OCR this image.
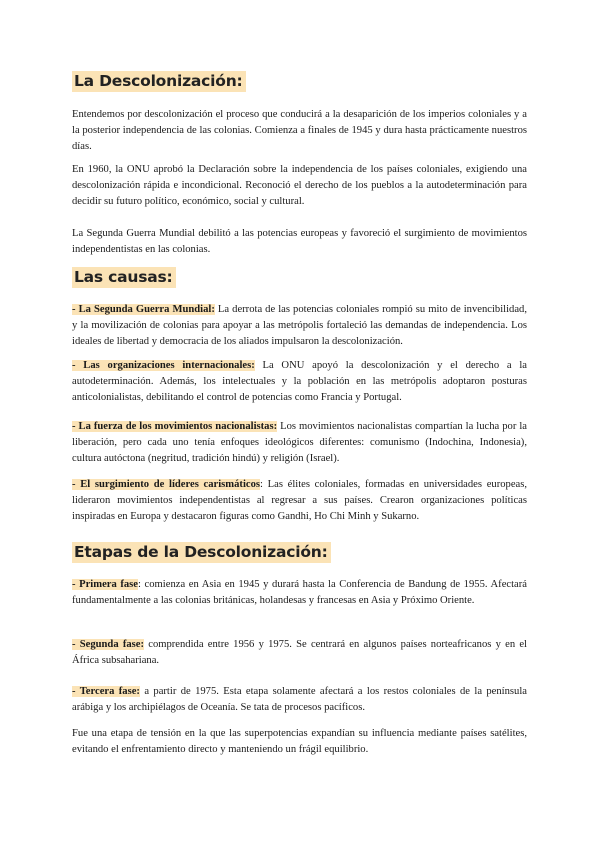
La Descolonización:

Entendemos por descolonización el proceso que conducirá a la desaparición de los imperios coloniales y a la posterior independencia de las colonias. Comienza a finales de 1945 y dura hasta prácticamente nuestros días.

En 1960, la ONU aprobó la Declaración sobre la independencia de los países coloniales, exigiendo una descolonización rápida e incondicional. Reconoció el derecho de los pueblos a la autodeterminación para decidir su futuro político, económico, social y cultural.

La Segunda Guerra Mundial debilitó a las potencias europeas y favoreció el surgimiento de movimientos independentistas en las colonias.

Las causas:

- La Segunda Guerra Mundial: La derrota de las potencias coloniales rompió su mito de invencibilidad, y la movilización de colonias para apoyar a las metrópolis fortaleció las demandas de independencia. Los ideales de libertad y democracia de los aliados impulsaron la descolonización.

- Las organizaciones internacionales: La ONU apoyó la descolonización y el derecho a la autodeterminación. Además, los intelectuales y la población en las metrópolis adoptaron posturas anticolonialistas, debilitando el control de potencias como Francia y Portugal.

- La fuerza de los movimientos nacionalistas: Los movimientos nacionalistas compartían la lucha por la liberación, pero cada uno tenía enfoques ideológicos diferentes: comunismo (Indochina, Indonesia), cultura autóctona (negritud, tradición hindú) y religión (Israel).

- El surgimiento de líderes carismáticos: Las élites coloniales, formadas en universidades europeas, lideraron movimientos independentistas al regresar a sus países. Crearon organizaciones políticas inspiradas en Europa y destacaron figuras como Gandhi, Ho Chi Minh y Sukarno.

Etapas de la Descolonización:

- Primera fase: comienza en Asia en 1945 y durará hasta la Conferencia de Bandung de 1955. Afectará fundamentalmente a las colonias británicas, holandesas y francesas en Asia y Próximo Oriente.

- Segunda fase: comprendida entre 1956 y 1975. Se centrará en algunos países norteafricanos y en el África subsahariana.

- Tercera fase: a partir de 1975. Esta etapa solamente afectará a los restos coloniales de la península arábiga y los archipiélagos de Oceanía. Se tata de procesos pacíficos.

Fue una etapa de tensión en la que las superpotencias expandían su influencia mediante países satélites, evitando el enfrentamiento directo y manteniendo un frágil equilibrio.
